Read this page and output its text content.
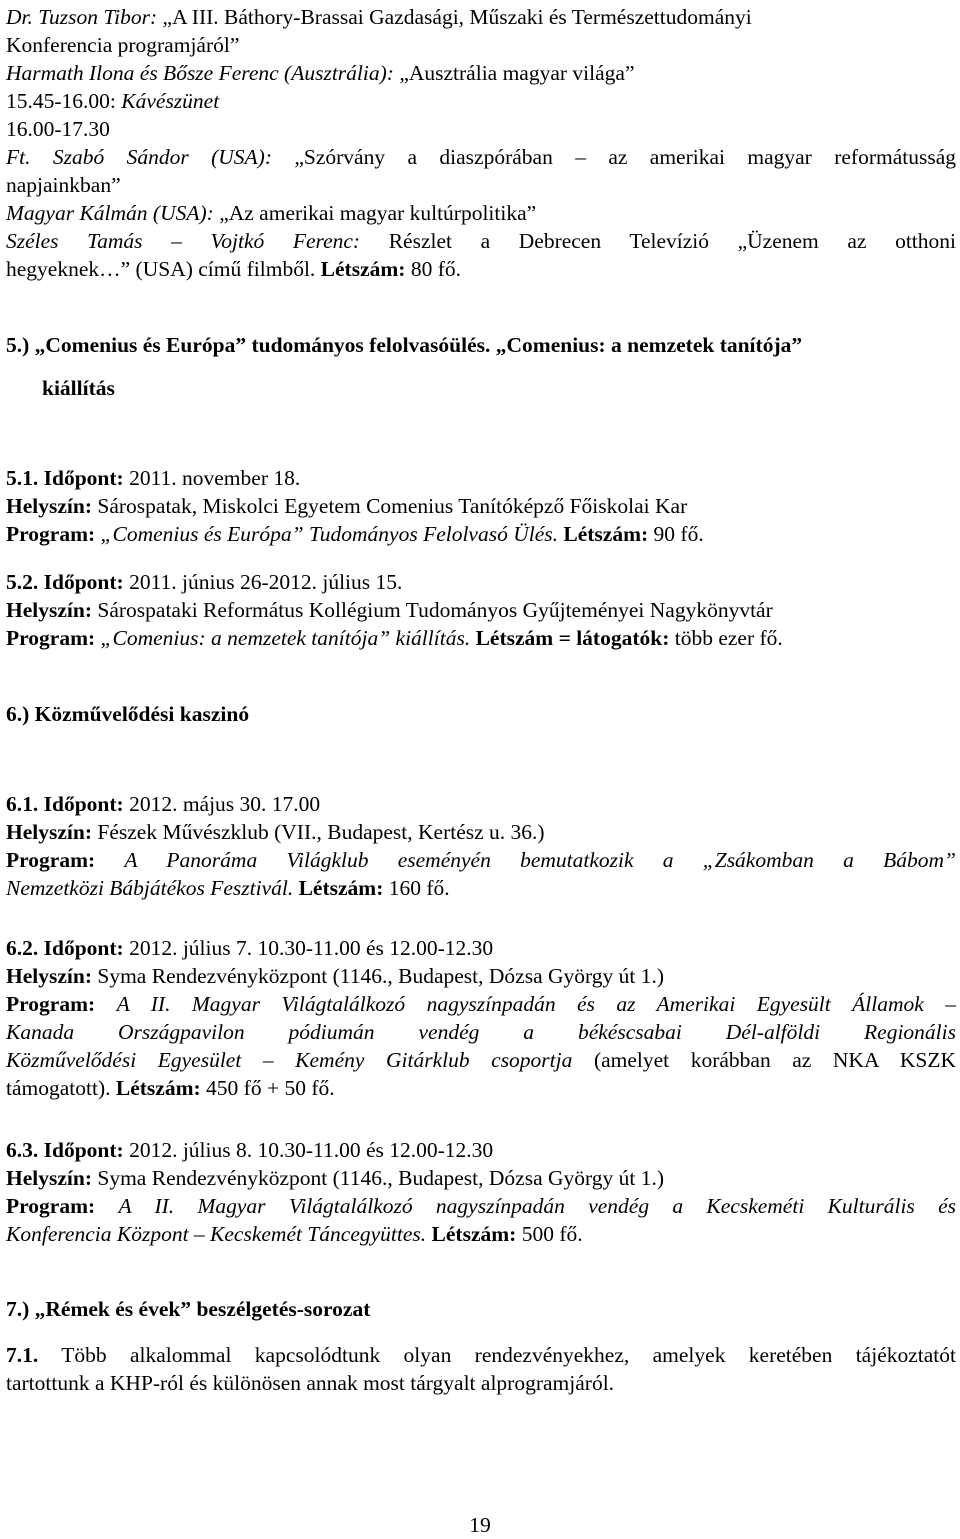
Dr. Tuzson Tibor: „A III. Báthory-Brassai Gazdasági, Műszaki és Természettudományi
Konferencia programjáról”
Harmath Ilona és Bősze Ferenc (Ausztrália): „Ausztrália magyar világa”
15.45-16.00: Kávészünet
16.00-17.30
Ft. Szabó Sándor (USA): „Szórvány a diaszpórában – az amerikai magyar reformátusság
napjainkban”
Magyar Kálmán (USA): „Az amerikai magyar kultúrpolitika”
Széles Tamás – Vojtkó Ferenc: Részlet a Debrecen Televízió „Üzenem az otthoni
hegyeknek…” (USA) című filmből. Létszám: 80 fő.
5.) „Comenius és Európa” tudományos felolvasóülés. „Comenius: a nemzetek tanítója”
kiállítás
5.1. Időpont: 2011. november 18.
Helyszín: Sárospatak, Miskolci Egyetem Comenius Tanítóképző Főiskolai Kar
Program: „Comenius és Európa” Tudományos Felolvasó Ülés. Létszám: 90 fő.
5.2. Időpont: 2011. június 26-2012. július 15.
Helyszín: Sárospataki Református Kollégium Tudományos Gyűjteményei Nagykönyvtár
Program: „Comenius: a nemzetek tanítója” kiállítás. Létszám = látogatók: több ezer fő.
6.) Közművelődési kaszinó
6.1. Időpont: 2012. május 30. 17.00
Helyszín: Fészek Művészklub (VII., Budapest, Kertész u. 36.)
Program: A Panoráma Világklub eseményén bemutatkozik a „Zsákomban a Bábom”
Nemzetközi Bábjátékos Fesztivál. Létszám: 160 fő.
6.2. Időpont: 2012. július 7. 10.30-11.00 és 12.00-12.30
Helyszín: Syma Rendezvényközpont (1146., Budapest, Dózsa György út 1.)
Program: A II. Magyar Világtalálkozó nagyszínpadán és az Amerikai Egyesült Államok –
Kanada Országpavilon pódiumán vendég a békéscsabai Dél-alföldi Regionális
Közművelődési Egyesület – Kemény Gitárklub csoportja (amelyet korábban az NKA KSZK
támogatott). Létszám: 450 fő + 50 fő.
6.3. Időpont: 2012. július 8. 10.30-11.00 és 12.00-12.30
Helyszín: Syma Rendezvényközpont (1146., Budapest, Dózsa György út 1.)
Program: A II. Magyar Világtalálkozó nagyszínpadán vendég a Kecskeméti Kulturális és
Konferencia Központ – Kecskemét Táncegyüttes. Létszám: 500 fő.
7.) „Rémek és évek” beszélgetés-sorozat
7.1. Több alkalommal kapcsolódtunk olyan rendezvényekhez, amelyek keretében tájékoztatót
tartottunk a KHP-ról és különösen annak most tárgyalt alprogramjáról.
19
